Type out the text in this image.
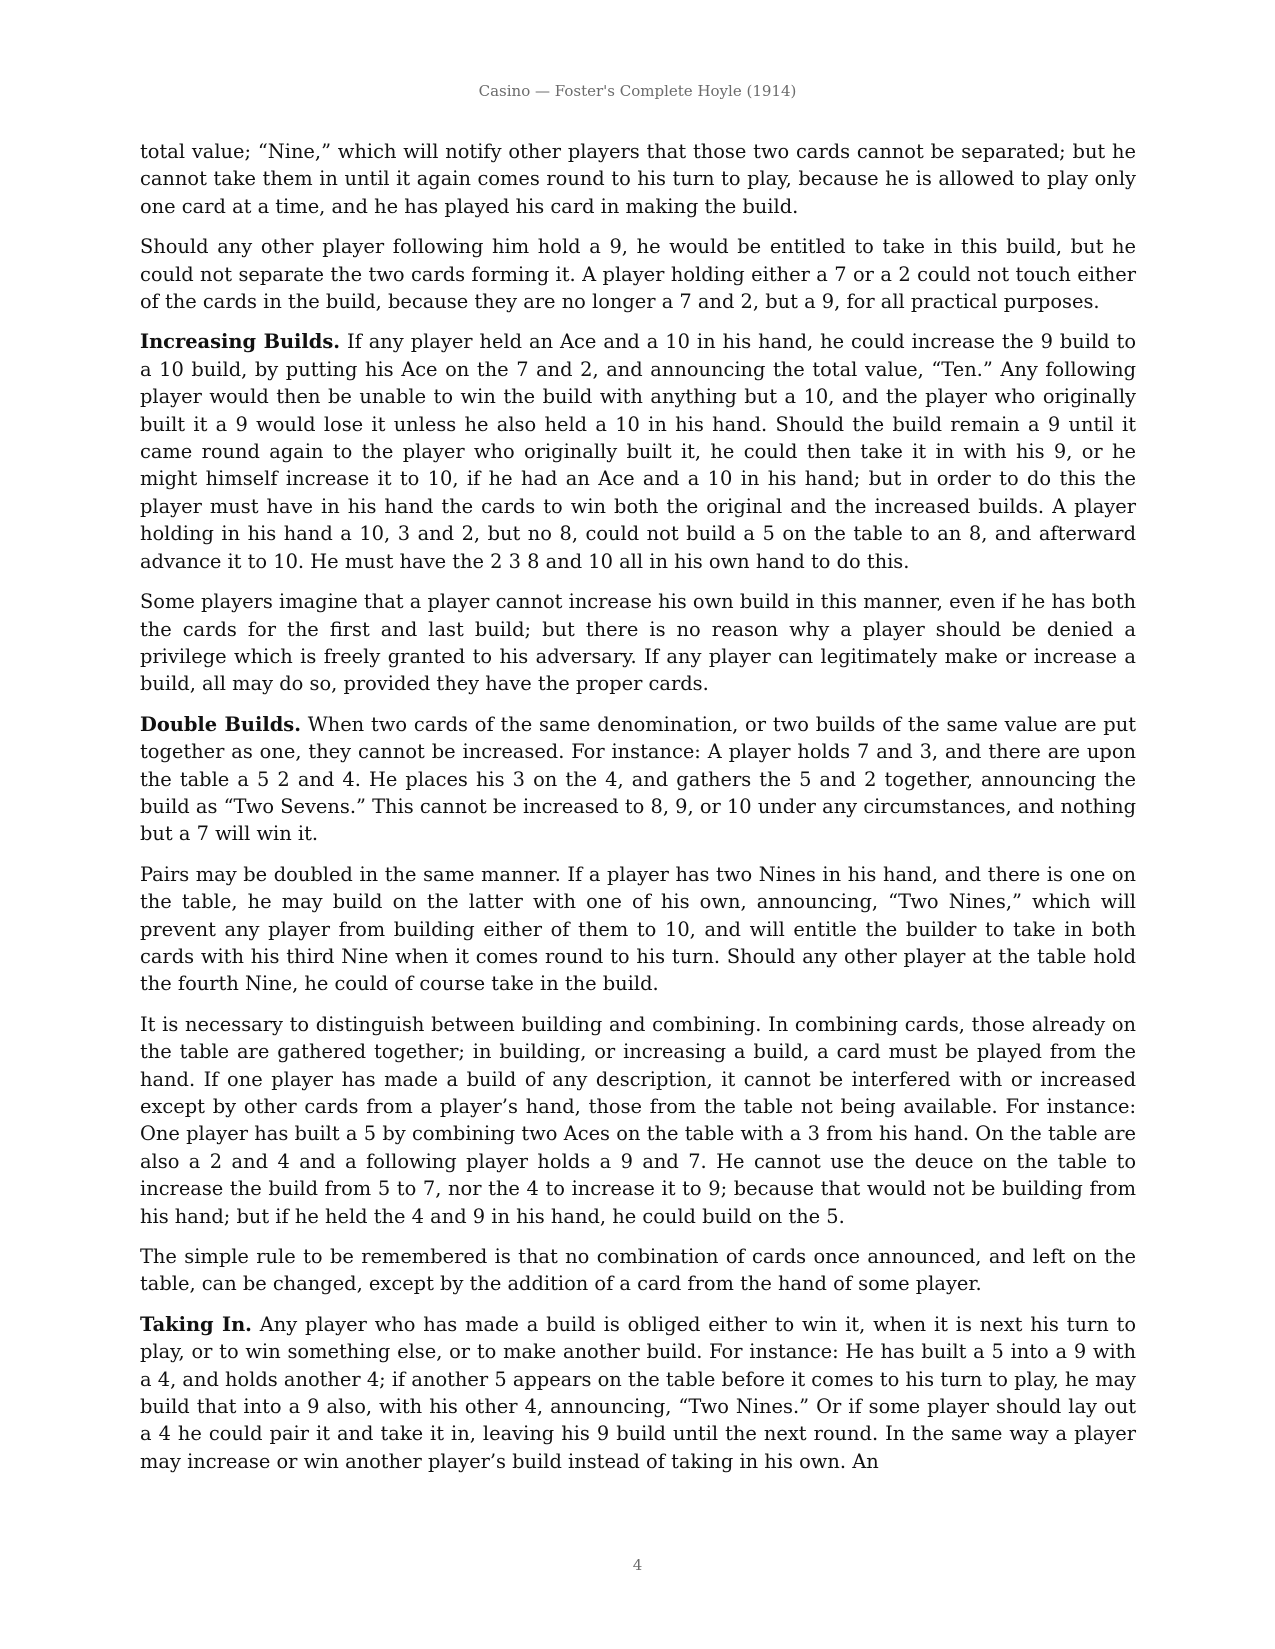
Casino — Foster's Complete Hoyle (1914)

total value; “Nine,” which will notify other players that those two cards cannot be separated; but he cannot take them in until it again comes round to his turn to play, because he is allowed to play only one card at a time, and he has played his card in making the build.

Should any other player following him hold a 9, he would be entitled to take in this build, but he could not separate the two cards forming it. A player holding either a 7 or a 2 could not touch either of the cards in the build, because they are no longer a 7 and 2, but a 9, for all practical purposes.

Increasing Builds. If any player held an Ace and a 10 in his hand, he could increase the 9 build to a 10 build, by putting his Ace on the 7 and 2, and announcing the total value, “Ten.” Any following player would then be unable to win the build with anything but a 10, and the player who originally built it a 9 would lose it unless he also held a 10 in his hand. Should the build remain a 9 until it came round again to the player who originally built it, he could then take it in with his 9, or he might himself increase it to 10, if he had an Ace and a 10 in his hand; but in order to do this the player must have in his hand the cards to win both the original and the increased builds. A player holding in his hand a 10, 3 and 2, but no 8, could not build a 5 on the table to an 8, and afterward advance it to 10. He must have the 2 3 8 and 10 all in his own hand to do this.

Some players imagine that a player cannot increase his own build in this manner, even if he has both the cards for the first and last build; but there is no reason why a player should be denied a privilege which is freely granted to his adversary. If any player can legitimately make or increase a build, all may do so, provided they have the proper cards.

Double Builds. When two cards of the same denomination, or two builds of the same value are put together as one, they cannot be increased. For instance: A player holds 7 and 3, and there are upon the table a 5 2 and 4. He places his 3 on the 4, and gathers the 5 and 2 together, announcing the build as “Two Sevens.” This cannot be increased to 8, 9, or 10 under any circumstances, and nothing but a 7 will win it.

Pairs may be doubled in the same manner. If a player has two Nines in his hand, and there is one on the table, he may build on the latter with one of his own, announcing, “Two Nines,” which will prevent any player from building either of them to 10, and will entitle the builder to take in both cards with his third Nine when it comes round to his turn. Should any other player at the table hold the fourth Nine, he could of course take in the build.

It is necessary to distinguish between building and combining. In combining cards, those already on the table are gathered together; in building, or increasing a build, a card must be played from the hand. If one player has made a build of any description, it cannot be interfered with or increased except by other cards from a player’s hand, those from the table not being available. For instance: One player has built a 5 by combining two Aces on the table with a 3 from his hand. On the table are also a 2 and 4 and a following player holds a 9 and 7. He cannot use the deuce on the table to increase the build from 5 to 7, nor the 4 to increase it to 9; because that would not be building from his hand; but if he held the 4 and 9 in his hand, he could build on the 5.

The simple rule to be remembered is that no combination of cards once announced, and left on the table, can be changed, except by the addition of a card from the hand of some player.

Taking In. Any player who has made a build is obliged either to win it, when it is next his turn to play, or to win something else, or to make another build. For instance: He has built a 5 into a 9 with a 4, and holds another 4; if another 5 appears on the table before it comes to his turn to play, he may build that into a 9 also, with his other 4, announcing, “Two Nines.” Or if some player should lay out a 4 he could pair it and take it in, leaving his 9 build until the next round. In the same way a player may increase or win another player’s build instead of taking in his own. An

4
